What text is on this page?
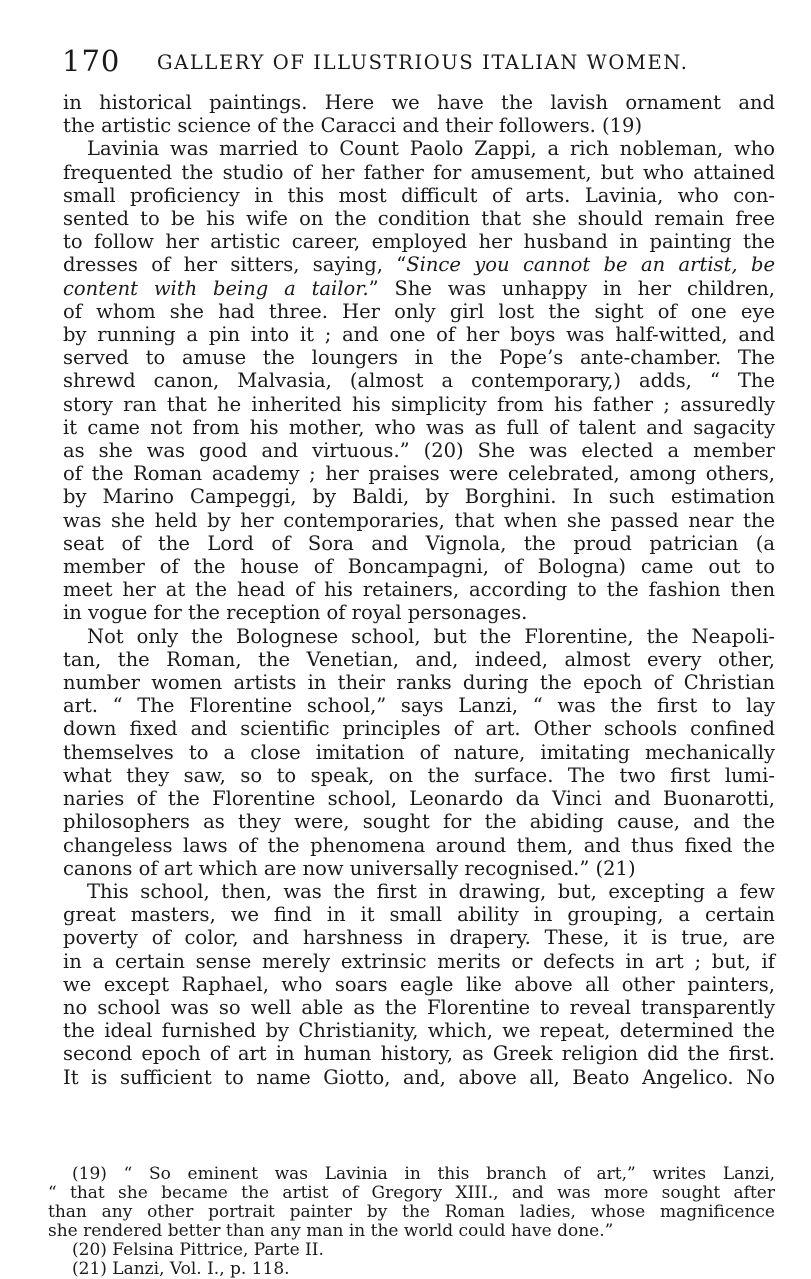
170 GALLERY OF ILLUSTRIOUS ITALIAN WOMEN.

in historical paintings. Here we have the lavish ornament and
the artistic science of the Caracci and their followers. (19)

Lavinia was married to Count Paolo Zappi, a rich nobleman, who
frequented the studio of her father for amusement, but who attained
small proficiency in this most difficult of arts. Lavinia, who con-
sented to be his wife on the condition that she should remain free
to follow her artistic career, employed her husband in painting the
dresses of her sitters, saying, “Since you cannot be an artist, be
content with being a tailor.” She was unhappy in her children,
of whom she had three. Her only girl lost the sight of one eye
by running a pin into it ; and one of her boys was half-witted, and
served to amuse the loungers in the Pope’s ante-chamber. The
shrewd canon, Malvasia, (almost a contemporary,) adds, “ The
story ran that he inherited his simplicity from his father ; assuredly
it came not from his mother, who was as full of talent and sagacity
as she was good and virtuous.” (20) She was elected a member
of the Roman academy ; her praises were celebrated, among others,
by Marino Campeggi, by Baldi, by Borghini. In such estimation
was she held by her contemporaries, that when she passed near the
seat of the Lord of Sora and Vignola, the proud patrician (a
member of the house of Boncampagni, of Bologna) came out to
meet her at the head of his retainers, according to the fashion then
in vogue for the reception of royal personages.

Not only the Bolognese school, but the Florentine, the Neapoli-
tan, the Roman, the Venetian, and, indeed, almost every other,
number women artists in their ranks during the epoch of Christian
art. “ The Florentine school,” says Lanzi, “ was the first to lay
down fixed and scientific principles of art. Other schools confined
themselves to a close imitation of nature, imitating mechanically
what they saw, so to speak, on the surface. The two first lumi-
naries of the Florentine school, Leonardo da Vinci and Buonarotti,
philosophers as they were, sought for the abiding cause, and the
changeless laws of the phenomena around them, and thus fixed the
canons of art which are now universally recognised.” (21)

This school, then, was the first in drawing, but, excepting a few
great masters, we find in it small ability in grouping, a certain
poverty of color, and harshness in drapery. These, it is true, are
in a certain sense merely extrinsic merits or defects in art ; but, if
we except Raphael, who soars eagle like above all other painters,
no school was so well able as the Florentine to reveal transparently
the ideal furnished by Christianity, which, we repeat, determined the
second epoch of art in human history, as Greek religion did the first.
It is sufficient to name Giotto, and, above all, Beato Angelico. No

(19) “ So eminent was Lavinia in this branch of art,” writes Lanzi,
“ that she became the artist of Gregory XIII., and was more sought after
than any other portrait painter by the Roman ladies, whose magnificence
she rendered better than any man in the world could have done.”

(20) Felsina Pittrice, Parte II.

(21) Lanzi, Vol. I., p. 118.
